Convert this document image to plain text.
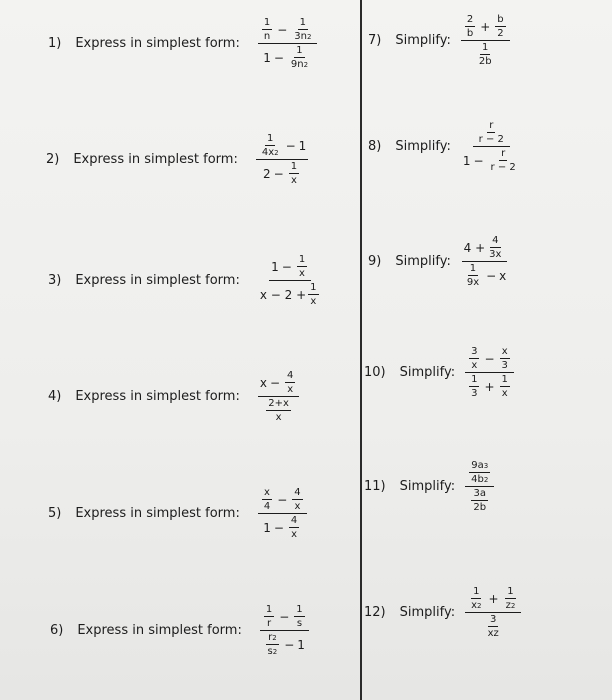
1) Express in simplest form: $\frac{\frac{1}{n} - \frac{1}{3n 2}}{1 - \frac{1}{9n 2}}$
2) Express in simplest form: $\frac{\frac{1}{4x 2} - 1}{2 - \frac{1}{x}}$
3) Express in simplest form: $\frac{1 - \frac{1}{x}}{x - 2 + \frac{1}{x}}$
4) Express in simplest form: $\frac{x - \frac{4}{x}}{\frac{2+x}{x}}$
5) Express in simplest form: $\frac{\frac{x}{4} - \frac{4}{x}}{1 - \frac{4}{x}}$
6) Express in simplest form: $\frac{\frac{1}{r} - \frac{1}{s}}{\frac{r 2}{s 2} - 1}$
7) Simplify: $\frac{\frac{2}{b} + \frac{b}{2}}{\frac{1}{2b}}$
8) Simplify: $\frac{\frac{r}{r - 2}}{1 - \frac{r}{r - 2}}$
9) Simplify: $\frac{4 + \frac{4}{3x}}{\frac{1}{9x} - x}$
10) Simplify: $\frac{\frac{3}{x} - \frac{x}{3}}{\frac{1}{3} + \frac{1}{x}}$
11) Simplify: $\frac{\frac{9a 3}{4b 2}}{\frac{3a}{2b}}$
12) Simplify: $\frac{\frac{1}{x 2} + \frac{1}{z 2}}{\frac{3}{xz}}$
